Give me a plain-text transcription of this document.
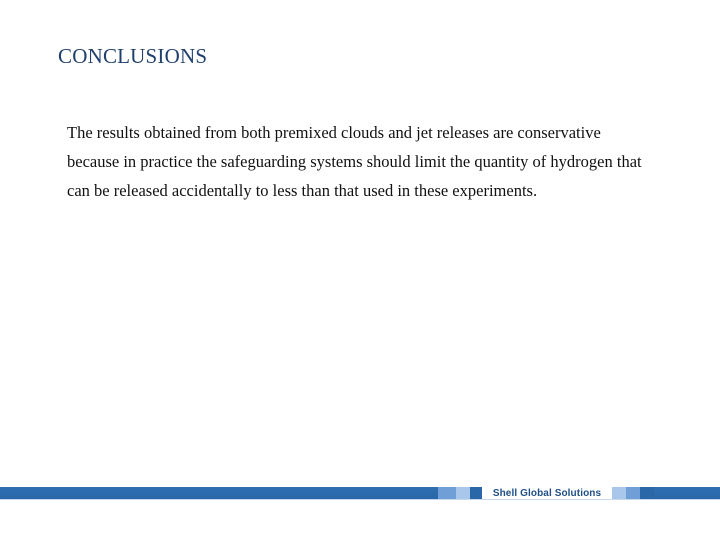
CONCLUSIONS
The results obtained from both premixed clouds and jet releases are conservative because in practice the safeguarding systems should limit the quantity of hydrogen that can be released accidentally to less than that used in these experiments.
Shell Global Solutions
